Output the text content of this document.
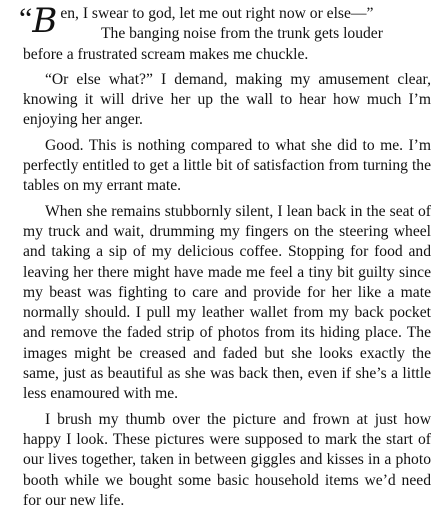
“B en, I swear to god, let me out right now or else—”
The banging noise from the trunk gets louder

before a frustrated scream makes me chuckle.

“Or else what?” I demand, making my amusement clear, knowing it will drive her up the wall to hear how much I’m enjoying her anger.

Good. This is nothing compared to what she did to me. I’m perfectly entitled to get a little bit of satisfaction from turning the tables on my errant mate.

When she remains stubbornly silent, I lean back in the seat of my truck and wait, drumming my fingers on the steering wheel and taking a sip of my delicious coffee. Stopping for food and leaving her there might have made me feel a tiny bit guilty since my beast was fighting to care and provide for her like a mate normally should. I pull my leather wallet from my back pocket and remove the faded strip of photos from its hiding place. The images might be creased and faded but she looks exactly the same, just as beautiful as she was back then, even if she’s a little less enamoured with me.

I brush my thumb over the picture and frown at just how happy I look. These pictures were supposed to mark the start of our lives together, taken in between giggles and kisses in a photo booth while we bought some basic household items we’d need for our new life.
